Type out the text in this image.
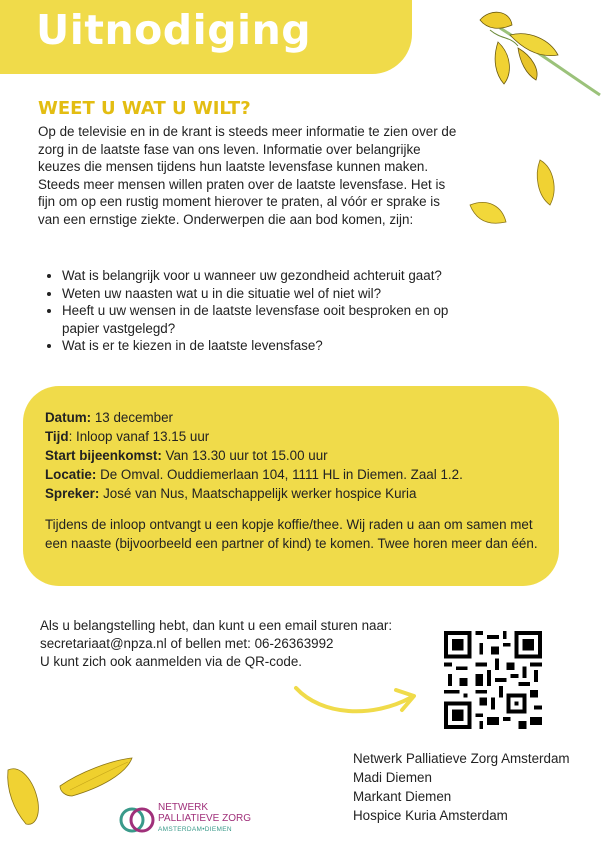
Uitnodiging
WEET U WAT U WILT?

Op de televisie en in de krant is steeds meer informatie te zien over de zorg in de laatste fase van ons leven. Informatie over belangrijke keuzes die mensen tijdens hun laatste levensfase kunnen maken. Steeds meer mensen willen praten over de laatste levensfase. Het is fijn om op een rustig moment hierover te praten, al vóór er sprake is van een ernstige ziekte. Onderwerpen die aan bod komen, zijn:

• Wat is belangrijk voor u wanneer uw gezondheid achteruit gaat?
• Weten uw naasten wat u in die situatie wel of niet wil?
• Heeft u uw wensen in de laatste levensfase ooit besproken en op papier vastgelegd?
• Wat is er te kiezen in de laatste levensfase?
Datum: 13 december
Tijd: Inloop vanaf 13.15 uur
Start bijeenkomst: Van 13.30 uur tot 15.00 uur
Locatie: De Omval. Ouddiemerlaan 104, 1111 HL in Diemen. Zaal 1.2.
Spreker: José van Nus, Maatschappelijk werker hospice Kuria

Tijdens de inloop ontvangt u een kopje koffie/thee. Wij raden u aan om samen met een naaste (bijvoorbeeld een partner of kind) te komen. Twee horen meer dan één.

Als u belangstelling hebt, dan kunt u een email sturen naar:
secretariaat@npza.nl of bellen met: 06-26363992
U kunt zich ook aanmelden via de QR-code.

Netwerk Palliatieve Zorg Amsterdam
Madi Diemen
Markant Diemen
Hospice Kuria Amsterdam
NETWERK
PALLIATIEVE ZORG
AMSTERDAM•DIEMEN
